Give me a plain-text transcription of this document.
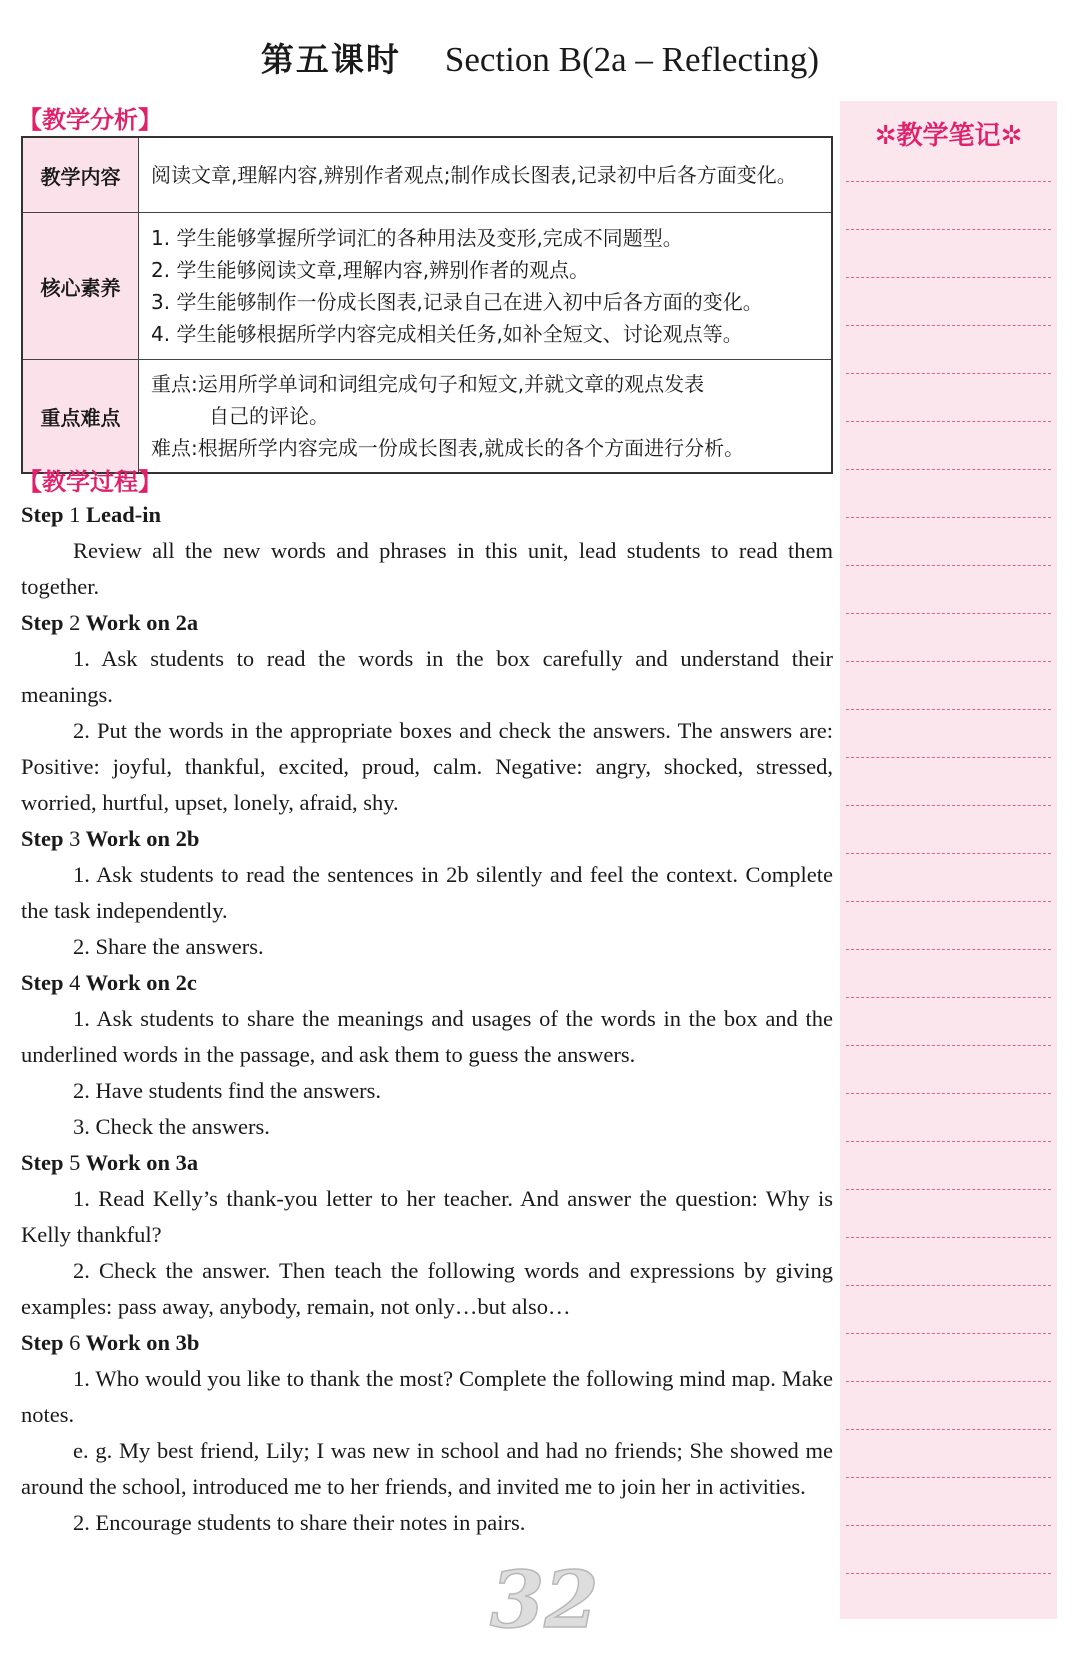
第五课时 Section B(2a – Reflecting)
【教学分析】
教学内容	阅读文章,理解内容,辨别作者观点;制作成长图表,记录初中后各方面变化。

核心素养	1. 学生能够掌握所学词汇的各种用法及变形,完成不同题型。
2. 学生能够阅读文章,理解内容,辨别作者的观点。
3. 学生能够制作一份成长图表,记录自己在进入初中后各方面的变化。
4. 学生能够根据所学内容完成相关任务,如补全短文、讨论观点等。

重点难点	重点:运用所学单词和词组完成句子和短文,并就文章的观点发表
自己的评论。
难点:根据所学内容完成一份成长图表,就成长的各个方面进行分析。
【教学过程】
Step 1 Lead-in

Review all the new words and phrases in this unit, lead students to read them together.

Step 2 Work on 2a

1. Ask students to read the words in the box carefully and understand their meanings.

2. Put the words in the appropriate boxes and check the answers. The answers are: Positive: joyful, thankful, excited, proud, calm. Negative: angry, shocked, stressed, worried, hurtful, upset, lonely, afraid, shy.

Step 3 Work on 2b

1. Ask students to read the sentences in 2b silently and feel the context. Complete the task independently.

2. Share the answers.

Step 4 Work on 2c

1. Ask students to share the meanings and usages of the words in the box and the underlined words in the passage, and ask them to guess the answers.

2. Have students find the answers.

3. Check the answers.

Step 5 Work on 3a

1. Read Kelly’s thank-you letter to her teacher. And answer the question: Why is Kelly thankful?

2. Check the answer. Then teach the following words and expressions by giving examples: pass away, anybody, remain, not only…but also…

Step 6 Work on 3b

1. Who would you like to thank the most? Complete the following mind map. Make notes.

e. g. My best friend, Lily; I was new in school and had no friends; She showed me around the school, introduced me to her friends, and invited me to join her in activities.

2. Encourage students to share their notes in pairs.

✲教学笔记✲
32
